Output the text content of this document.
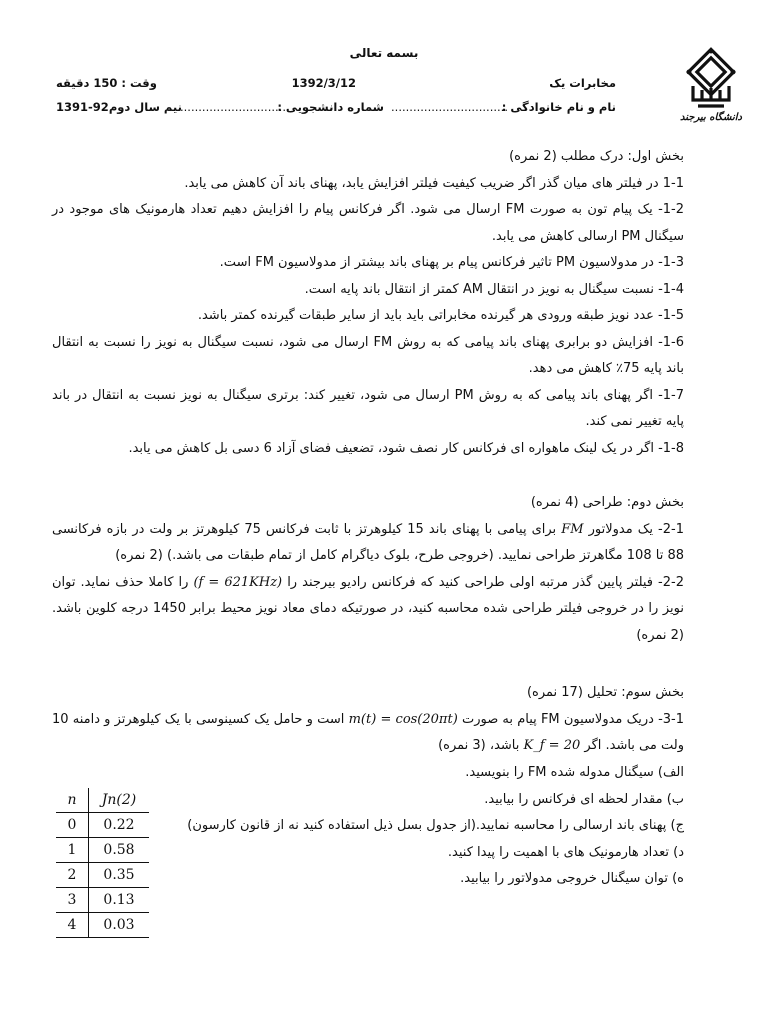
دانشگاه بیرجند
بسمه تعالی
مخابرات یک
1392/3/12
وقت : 150 دقیقه
نام و نام خانوادگی :
................................
شماره دانشجویی :
................................
نیم سال دوم92-1391

بخش اول: درک مطلب (2 نمره)

1-1 در فیلتر های میان گذر اگر ضریب کیفیت فیلتر افزایش یابد، پهنای باند آن کاهش می یابد.

1-2- یک پیام تون به صورت FM ارسال می شود. اگر فرکانس پیام را افزایش دهیم تعداد هارمونیک های موجود در سیگنال PM ارسالی کاهش می یابد.

1-3- در مدولاسیون PM تاثیر فرکانس پیام بر پهنای باند بیشتر از مدولاسیون FM است.

1-4- نسبت سیگنال به نویز در انتقال AM کمتر از انتقال باند پایه است.

1-5- عدد نویز طبقه ورودی هر گیرنده مخابراتی باید باید از سایر طبقات گیرنده کمتر باشد.

1-6- افزایش دو برابری پهنای باند پیامی که به روش FM ارسال می شود، نسبت سیگنال به نویز را نسبت به انتقال باند پایه 75٪ کاهش می دهد.

1-7- اگر پهنای باند پیامی که به روش PM ارسال می شود، تغییر کند: برتری سیگنال به نویز نسبت به انتقال در باند پایه تغییر نمی کند.

1-8- اگر در یک لینک ماهواره ای فرکانس کار نصف شود، تضعیف فضای آزاد 6 دسی بل کاهش می یابد.

بخش دوم: طراحی (4 نمره)

2-1- یک مدولاتور FM برای پیامی با پهنای باند 15 کیلوهرتز با ثابت فرکانس 75 کیلوهرتز بر ولت در بازه فرکانسی 88 تا 108 مگاهرتز طراحی نمایید. (خروجی طرح، بلوک دیاگرام کامل از تمام طبقات می باشد.) (2 نمره)

2-2- فیلتر پایین گذر مرتبه اولی طراحی کنید که فرکانس رادیو بیرجند را (f = 621KHz) را کاملا حذف نماید. توان نویز را در خروجی فیلتر طراحی شده محاسبه کنید، در صورتیکه دمای معاد نویز محیط برابر 1450 درجه کلوین باشد. (2 نمره)

بخش سوم: تحلیل (17 نمره)

3-1- دریک مدولاسیون FM پیام به صورت m(t) = cos(20πt) است و حامل یک کسینوسی با یک کیلوهرتز و دامنه 10 ولت می باشد. اگر K_f = 20 باشد، (3 نمره)

الف) سیگنال مدوله شده FM را بنویسید.

ب) مقدار لحظه ای فرکانس را بیابید.

ج) پهنای باند ارسالی را محاسبه نمایید.(از جدول بسل ذیل استفاده کنید نه از قانون کارسون)

د) تعداد هارمونیک های با اهمیت را پیدا کنید.

ه) توان سیگنال خروجی مدولاتور را بیابید.

n	Jn(2)
0	0.22
1	0.58
2	0.35
3	0.13
4	0.03
